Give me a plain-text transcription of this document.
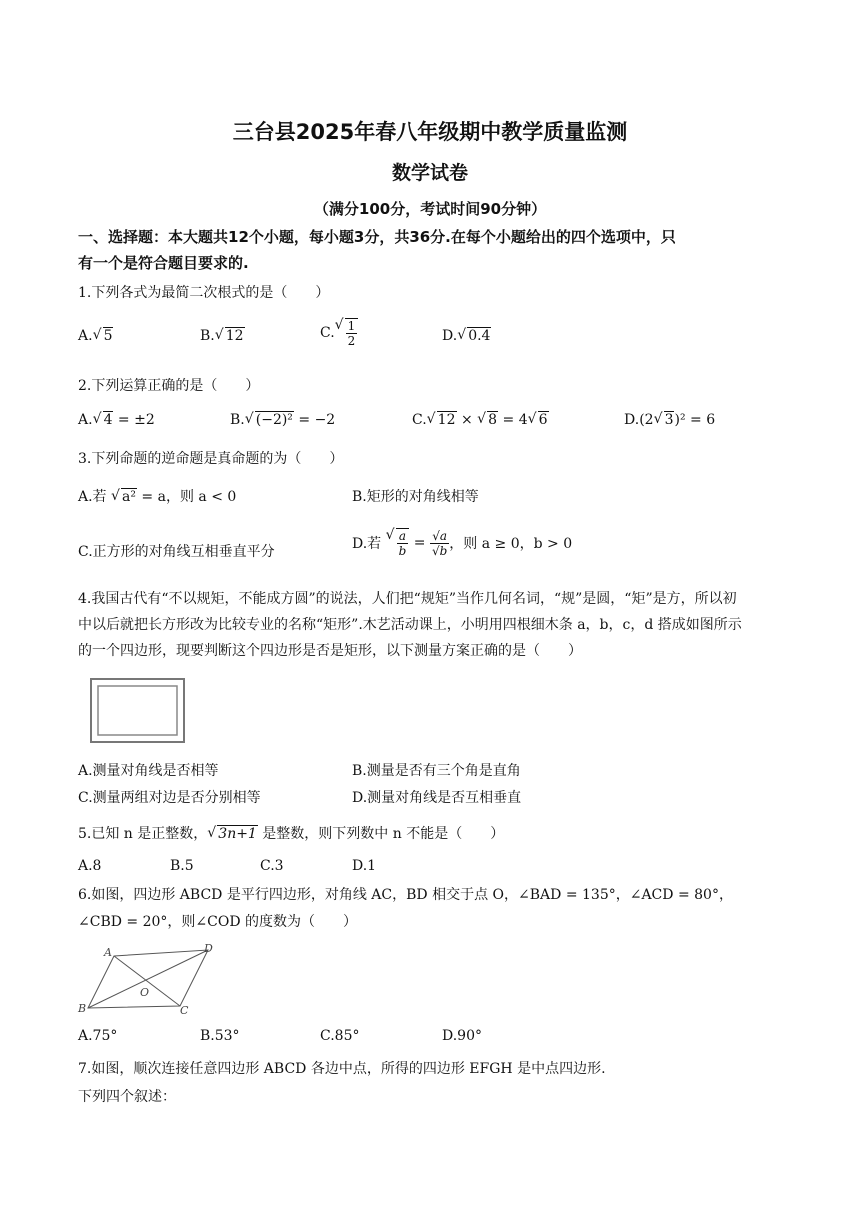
三台县2025年春八年级期中教学质量监测
数学试卷
（满分100分，考试时间90分钟）
一、选择题：本大题共12个小题，每小题3分，共36分.在每个小题给出的四个选项中，只
有一个是符合题目要求的.
1.下列各式为最简二次根式的是（　　）
A. √ 5	B. √ 12	C. √ $\frac{1}{2}$	D. √ 0.4
2.下列运算正确的是（　　）
A. √ 4 = ±2	B. √ (−2)² = −2	C. √ 12 × √ 8 = 4 √ 6	D.(2 √ 3)² = 6
3.下列命题的逆命题是真命题的为（　　）
A.若 √ a² = a，则 a < 0	B.矩形的对角线相等
C.正方形的对角线互相垂直平分	D.若 √ $\frac{a}{b} = \frac{√a}{√b}$ ，则 a ≥ 0，b > 0
4.我国古代有“不以规矩，不能成方圆”的说法，人们把“规矩”当作几何名词，“规”是圆，“矩”是方，所以初
中以后就把长方形改为比较专业的名称“矩形”.木艺活动课上，小明用四根细木条 a，b，c，d 搭成如图所示
的一个四边形，现要判断这个四边形是否是矩形，以下测量方案正确的是（　　）
A.测量对角线是否相等	B.测量是否有三个角是直角
C.测量两组对边是否分别相等	D.测量对角线是否互相垂直
5.已知 n 是正整数， √ 3n+1 是整数，则下列数中 n 不能是（　　）
A.8	B.5	C.3	D.1
6.如图，四边形 ABCD 是平行四边形，对角线 AC，BD 相交于点 O，∠BAD = 135°，∠ACD = 80°，
∠CBD = 20°，则∠COD 的度数为（　　）
A	D
B	C
O
A.75°	B.53°	C.85°	D.90°
7.如图，顺次连接任意四边形 ABCD 各边中点，所得的四边形 EFGH 是中点四边形.
下列四个叙述：
